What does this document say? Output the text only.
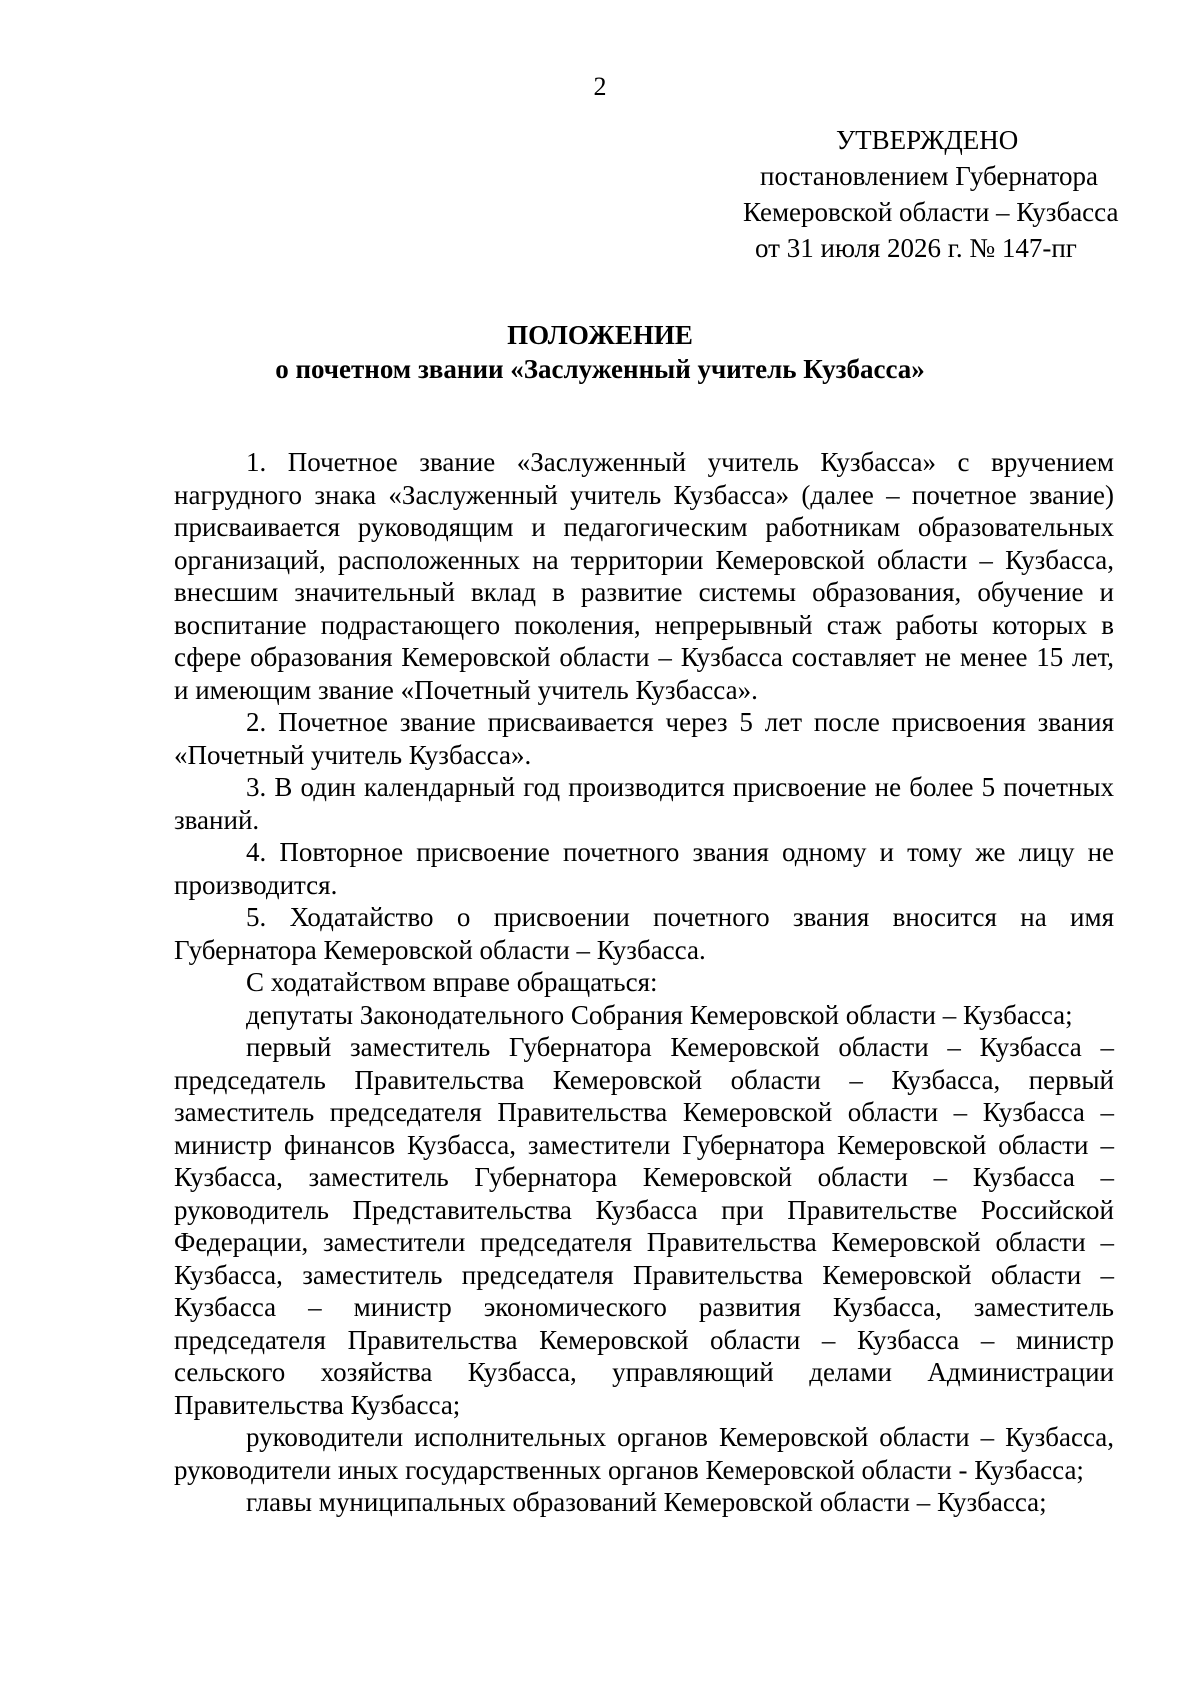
2
УТВЕРЖДЕНО
постановлением Губернатора
Кемеровской области – Кузбасса
от 31 июля 2026 г. № 147-пг
ПОЛОЖЕНИЕ
о почетном звании «Заслуженный учитель Кузбасса»

1. Почетное звание «Заслуженный учитель Кузбасса» с вручением нагрудного знака «Заслуженный учитель Кузбасса» (далее – почетное звание) присваивается руководящим и педагогическим работникам образовательных организаций, расположенных на территории Кемеровской области – Кузбасса, внесшим значительный вклад в развитие системы образования, обучение и воспитание подрастающего поколения, непрерывный стаж работы которых в сфере образования Кемеровской области – Кузбасса составляет не менее 15 лет, и имеющим звание «Почетный учитель Кузбасса».

2. Почетное звание присваивается через 5 лет после присвоения звания «Почетный учитель Кузбасса».

3. В один календарный год производится присвоение не более 5 почетных званий.

4. Повторное присвоение почетного звания одному и тому же лицу не производится.

5. Ходатайство о присвоении почетного звания вносится на имя Губернатора Кемеровской области – Кузбасса.

С ходатайством вправе обращаться:

депутаты Законодательного Собрания Кемеровской области – Кузбасса;

первый заместитель Губернатора Кемеровской области – Кузбасса – председатель Правительства Кемеровской области – Кузбасса, первый заместитель председателя Правительства Кемеровской области – Кузбасса – министр финансов Кузбасса, заместители Губернатора Кемеровской области – Кузбасса, заместитель Губернатора Кемеровской области – Кузбасса – руководитель Представительства Кузбасса при Правительстве Российской Федерации, заместители председателя Правительства Кемеровской области – Кузбасса, заместитель председателя Правительства Кемеровской области – Кузбасса – министр экономического развития Кузбасса, заместитель председателя Правительства Кемеровской области – Кузбасса – министр сельского хозяйства Кузбасса, управляющий делами Администрации Правительства Кузбасса;

руководители исполнительных органов Кемеровской области – Кузбасса, руководители иных государственных органов Кемеровской области - Кузбасса;

главы муниципальных образований Кемеровской области – Кузбасса;
